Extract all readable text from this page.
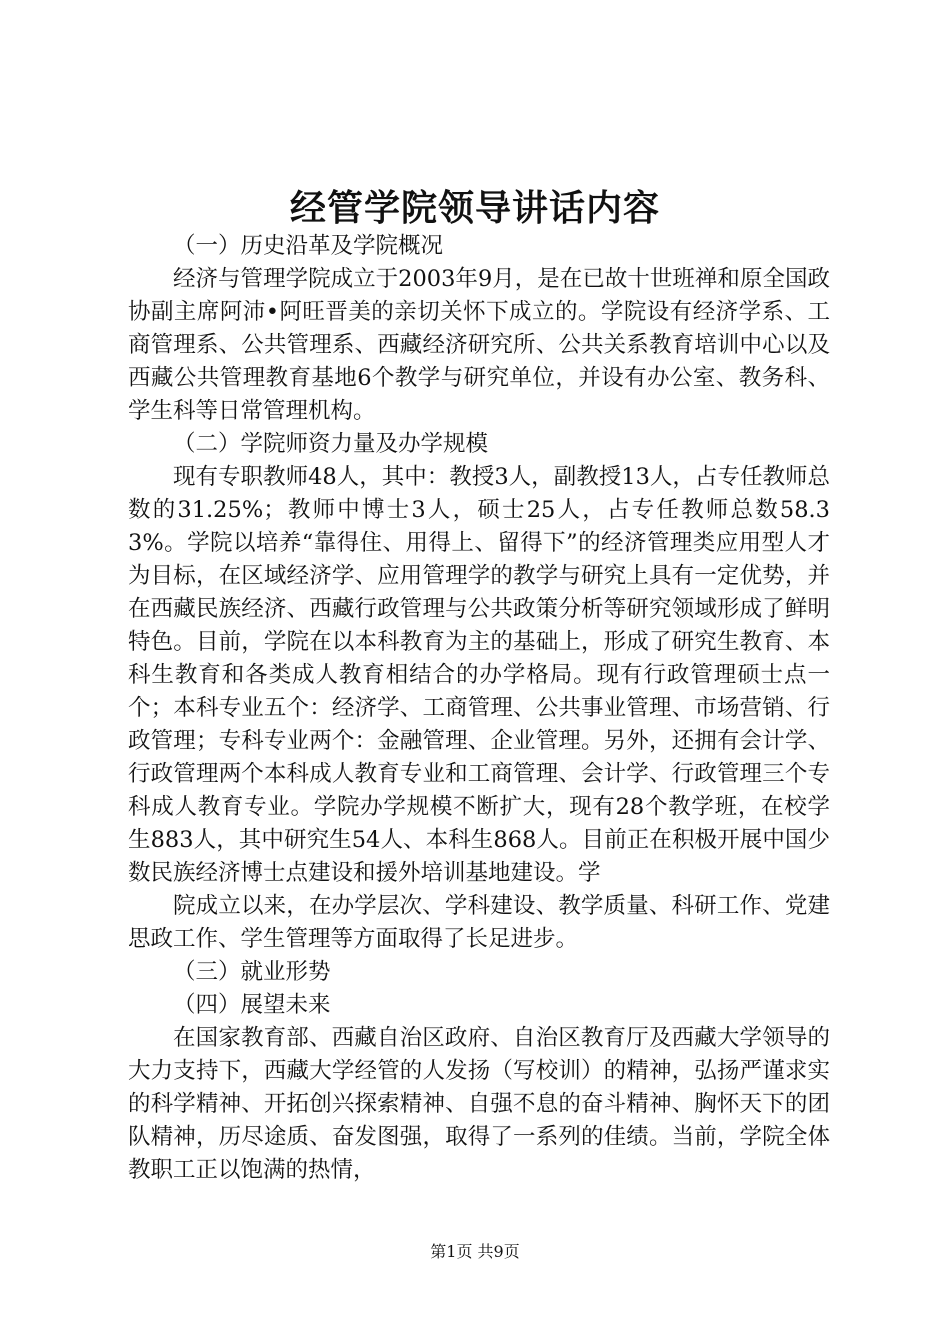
经管学院领导讲话内容

（一）历史沿革及学院概况

经济与管理学院成立于2003年9月，是在已故十世班禅和原全国政协副主席阿沛•阿旺晋美的亲切关怀下成立的。学院设有经济学系、工商管理系、公共管理系、西藏经济研究所、公共关系教育培训中心以及西藏公共管理教育基地6个教学与研究单位，并设有办公室、教务科、学生科等日常管理机构。

（二）学院师资力量及办学规模

现有专职教师48人，其中：教授3人，副教授13人，占专任教师总数的31.25%；教师中博士3人，硕士25人，占专任教师总数58.33%。学院以培养“靠得住、用得上、留得下”的经济管理类应用型人才为目标，在区域经济学、应用管理学的教学与研究上具有一定优势，并在西藏民族经济、西藏行政管理与公共政策分析等研究领域形成了鲜明特色。目前，学院在以本科教育为主的基础上，形成了研究生教育、本科生教育和各类成人教育相结合的办学格局。现有行政管理硕士点一个；本科专业五个：经济学、工商管理、公共事业管理、市场营销、行政管理；专科专业两个：金融管理、企业管理。另外，还拥有会计学、行政管理两个本科成人教育专业和工商管理、会计学、行政管理三个专科成人教育专业。学院办学规模不断扩大，现有28个教学班，在校学生883人，其中研究生54人、本科生868人。目前正在积极开展中国少数民族经济博士点建设和援外培训基地建设。学

院成立以来，在办学层次、学科建设、教学质量、科研工作、党建思政工作、学生管理等方面取得了长足进步。

（三）就业形势

（四）展望未来

在国家教育部、西藏自治区政府、自治区教育厅及西藏大学领导的大力支持下，西藏大学经管的人发扬（写校训）的精神，弘扬严谨求实的科学精神、开拓创兴探索精神、自强不息的奋斗精神、胸怀天下的团队精神，历尽途质、奋发图强，取得了一系列的佳绩。当前，学院全体教职工正以饱满的热情，

第1页 共9页
